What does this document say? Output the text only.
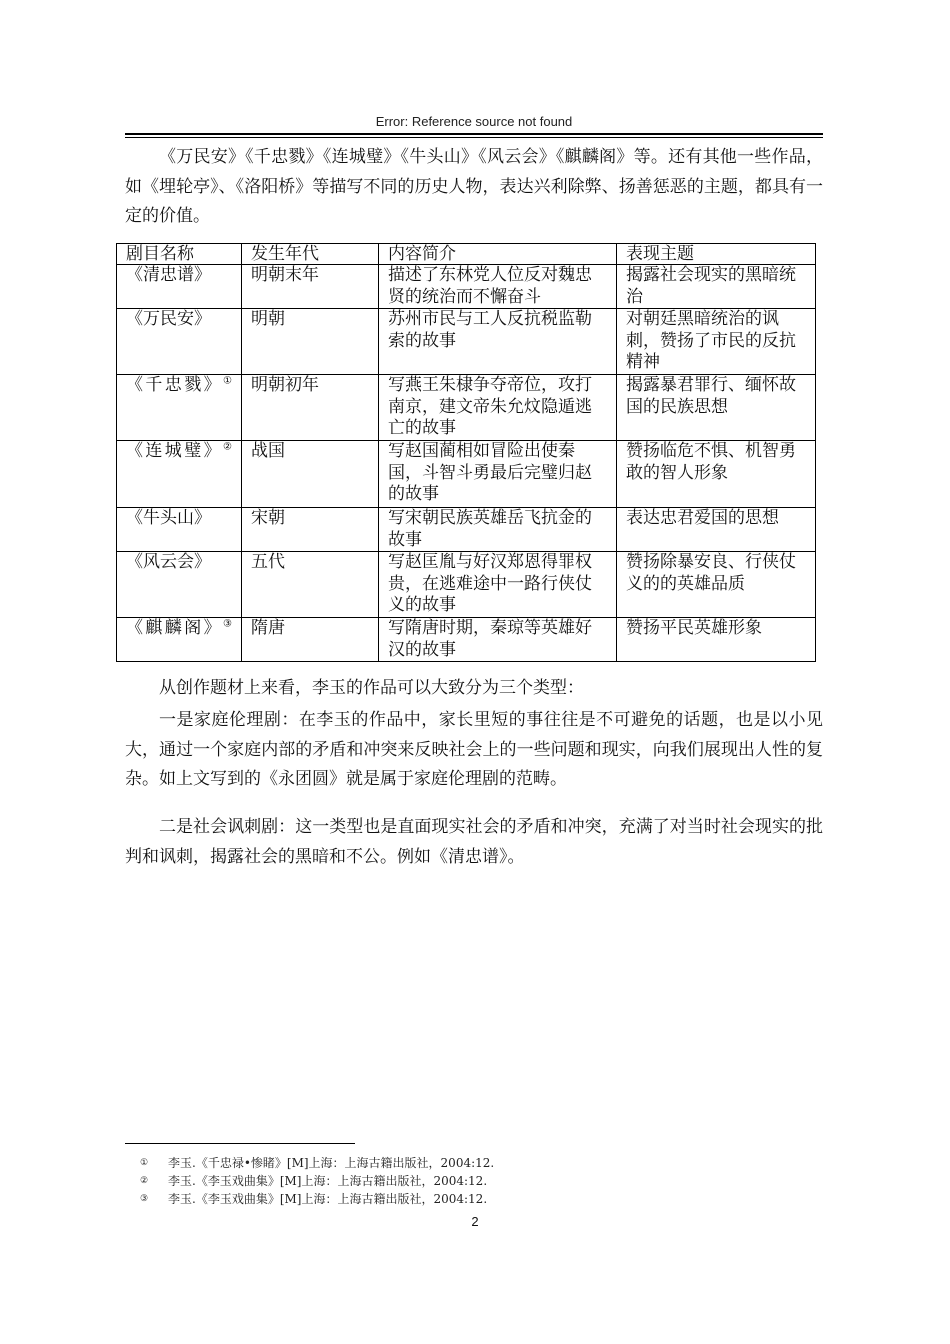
Error: Reference source not found

《万民安》《千忠戮》《连城璧》《牛头山》《风云会》《麒麟阁》等。还有其他一些作品，如《埋轮亭》、《洛阳桥》等描写不同的历史人物，表达兴利除弊、扬善惩恶的主题，都具有一定的价值。

剧目名称	发生年代	内容简介	表现主题
《清忠谱》	明朝末年	描述了东林党人位反对魏忠贤的统治而不懈奋斗	揭露社会现实的黑暗统治
《万民安》	明朝	苏州市民与工人反抗税监勒索的故事	对朝廷黑暗统治的讽刺，赞扬了市民的反抗精神
《千忠戮》①	明朝初年	写燕王朱棣争夺帝位，攻打南京，建文帝朱允炆隐遁逃亡的故事	揭露暴君罪行、缅怀故国的民族思想
《连城璧》②	战国	写赵国蔺相如冒险出使秦国，斗智斗勇最后完璧归赵的故事	赞扬临危不惧、机智勇敢的智人形象
《牛头山》	宋朝	写宋朝民族英雄岳飞抗金的故事	表达忠君爱国的思想
《风云会》	五代	写赵匡胤与好汉郑恩得罪权贵，在逃难途中一路行侠仗义的故事	赞扬除暴安良、行侠仗义的的英雄品质
《麒麟阁》③	隋唐	写隋唐时期，秦琼等英雄好汉的故事	赞扬平民英雄形象

从创作题材上来看，李玉的作品可以大致分为三个类型：

一是家庭伦理剧：在李玉的作品中，家长里短的事往往是不可避免的话题，也是以小见大，通过一个家庭内部的矛盾和冲突来反映社会上的一些问题和现实，向我们展现出人性的复杂。如上文写到的《永团圆》就是属于家庭伦理剧的范畴。

二是社会讽刺剧：这一类型也是直面现实社会的矛盾和冲突，充满了对当时社会现实的批判和讽刺，揭露社会的黑暗和不公。例如《清忠谱》。

① 李玉.《千忠禄•惨睹》[M]上海：上海古籍出版社，2004:12.
② 李玉.《李玉戏曲集》[M]上海：上海古籍出版社，2004:12.
③ 李玉.《李玉戏曲集》[M]上海：上海古籍出版社，2004:12.
2
